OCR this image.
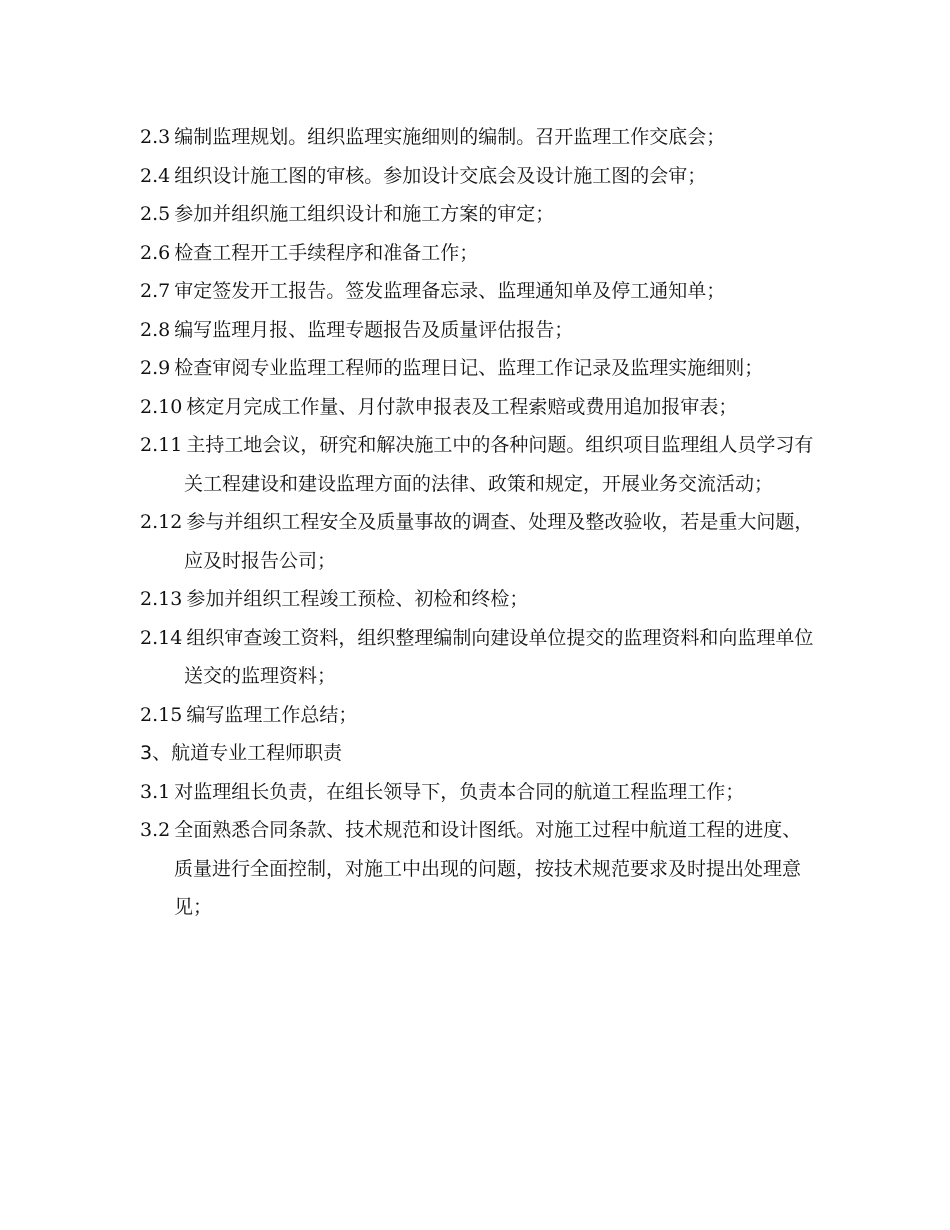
2.3 编制监理规划。组织监理实施细则的编制。召开监理工作交底会；

2.4 组织设计施工图的审核。参加设计交底会及设计施工图的会审；

2.5 参加并组织施工组织设计和施工方案的审定；

2.6 检查工程开工手续程序和准备工作；

2.7 审定签发开工报告。签发监理备忘录、监理通知单及停工通知单；

2.8 编写监理月报、监理专题报告及质量评估报告；

2.9 检查审阅专业监理工程师的监理日记、监理工作记录及监理实施细则；

2.10 核定月完成工作量、月付款申报表及工程索赔或费用追加报审表；

2.11 主持工地会议，研究和解决施工中的各种问题。组织项目监理组人员学习有关工程建设和建设监理方面的法律、政策和规定，开展业务交流活动；

2.12 参与并组织工程安全及质量事故的调查、处理及整改验收，若是重大问题，应及时报告公司；

2.13 参加并组织工程竣工预检、初检和终检；

2.14 组织审查竣工资料，组织整理编制向建设单位提交的监理资料和向监理单位送交的监理资料；

2.15 编写监理工作总结；

3、航道专业工程师职责

3.1 对监理组长负责，在组长领导下，负责本合同的航道工程监理工作；

3.2 全面熟悉合同条款、技术规范和设计图纸。对施工过程中航道工程的进度、质量进行全面控制，对施工中出现的问题，按技术规范要求及时提出处理意见；
